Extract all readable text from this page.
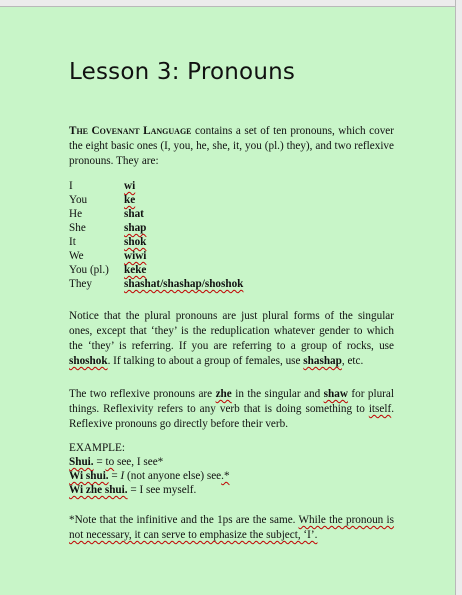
Lesson 3: Pronouns

The Covenant Language contains a set of ten pronouns, which cover the eight basic ones (I, you, he, she, it, you (pl.) they), and two reflexive pronouns. They are:

I	wi
You	ke
He	shat
She	shap
It	shok
We	wiwi
You (pl.) keke
They	shashat/shashap/shoshok

Notice that the plural pronouns are just plural forms of the singular ones, except that ‘they’ is the reduplication whatever gender to which the ‘they’ is referring. If you are referring to a group of rocks, use shoshok. If talking to about a group of females, use shashap, etc.

The two reflexive pronouns are zhe in the singular and shaw for plural things. Reflexivity refers to any verb that is doing something to itself. Reflexive pronouns go directly before their verb.

EXAMPLE:
Shui. = to see, I see*
Wi shui. = I (not anyone else) see.*
Wi zhe shui. = I see myself.

*Note that the infinitive and the 1ps are the same. While the pronoun is not necessary, it can serve to emphasize the subject, ‘I’.
